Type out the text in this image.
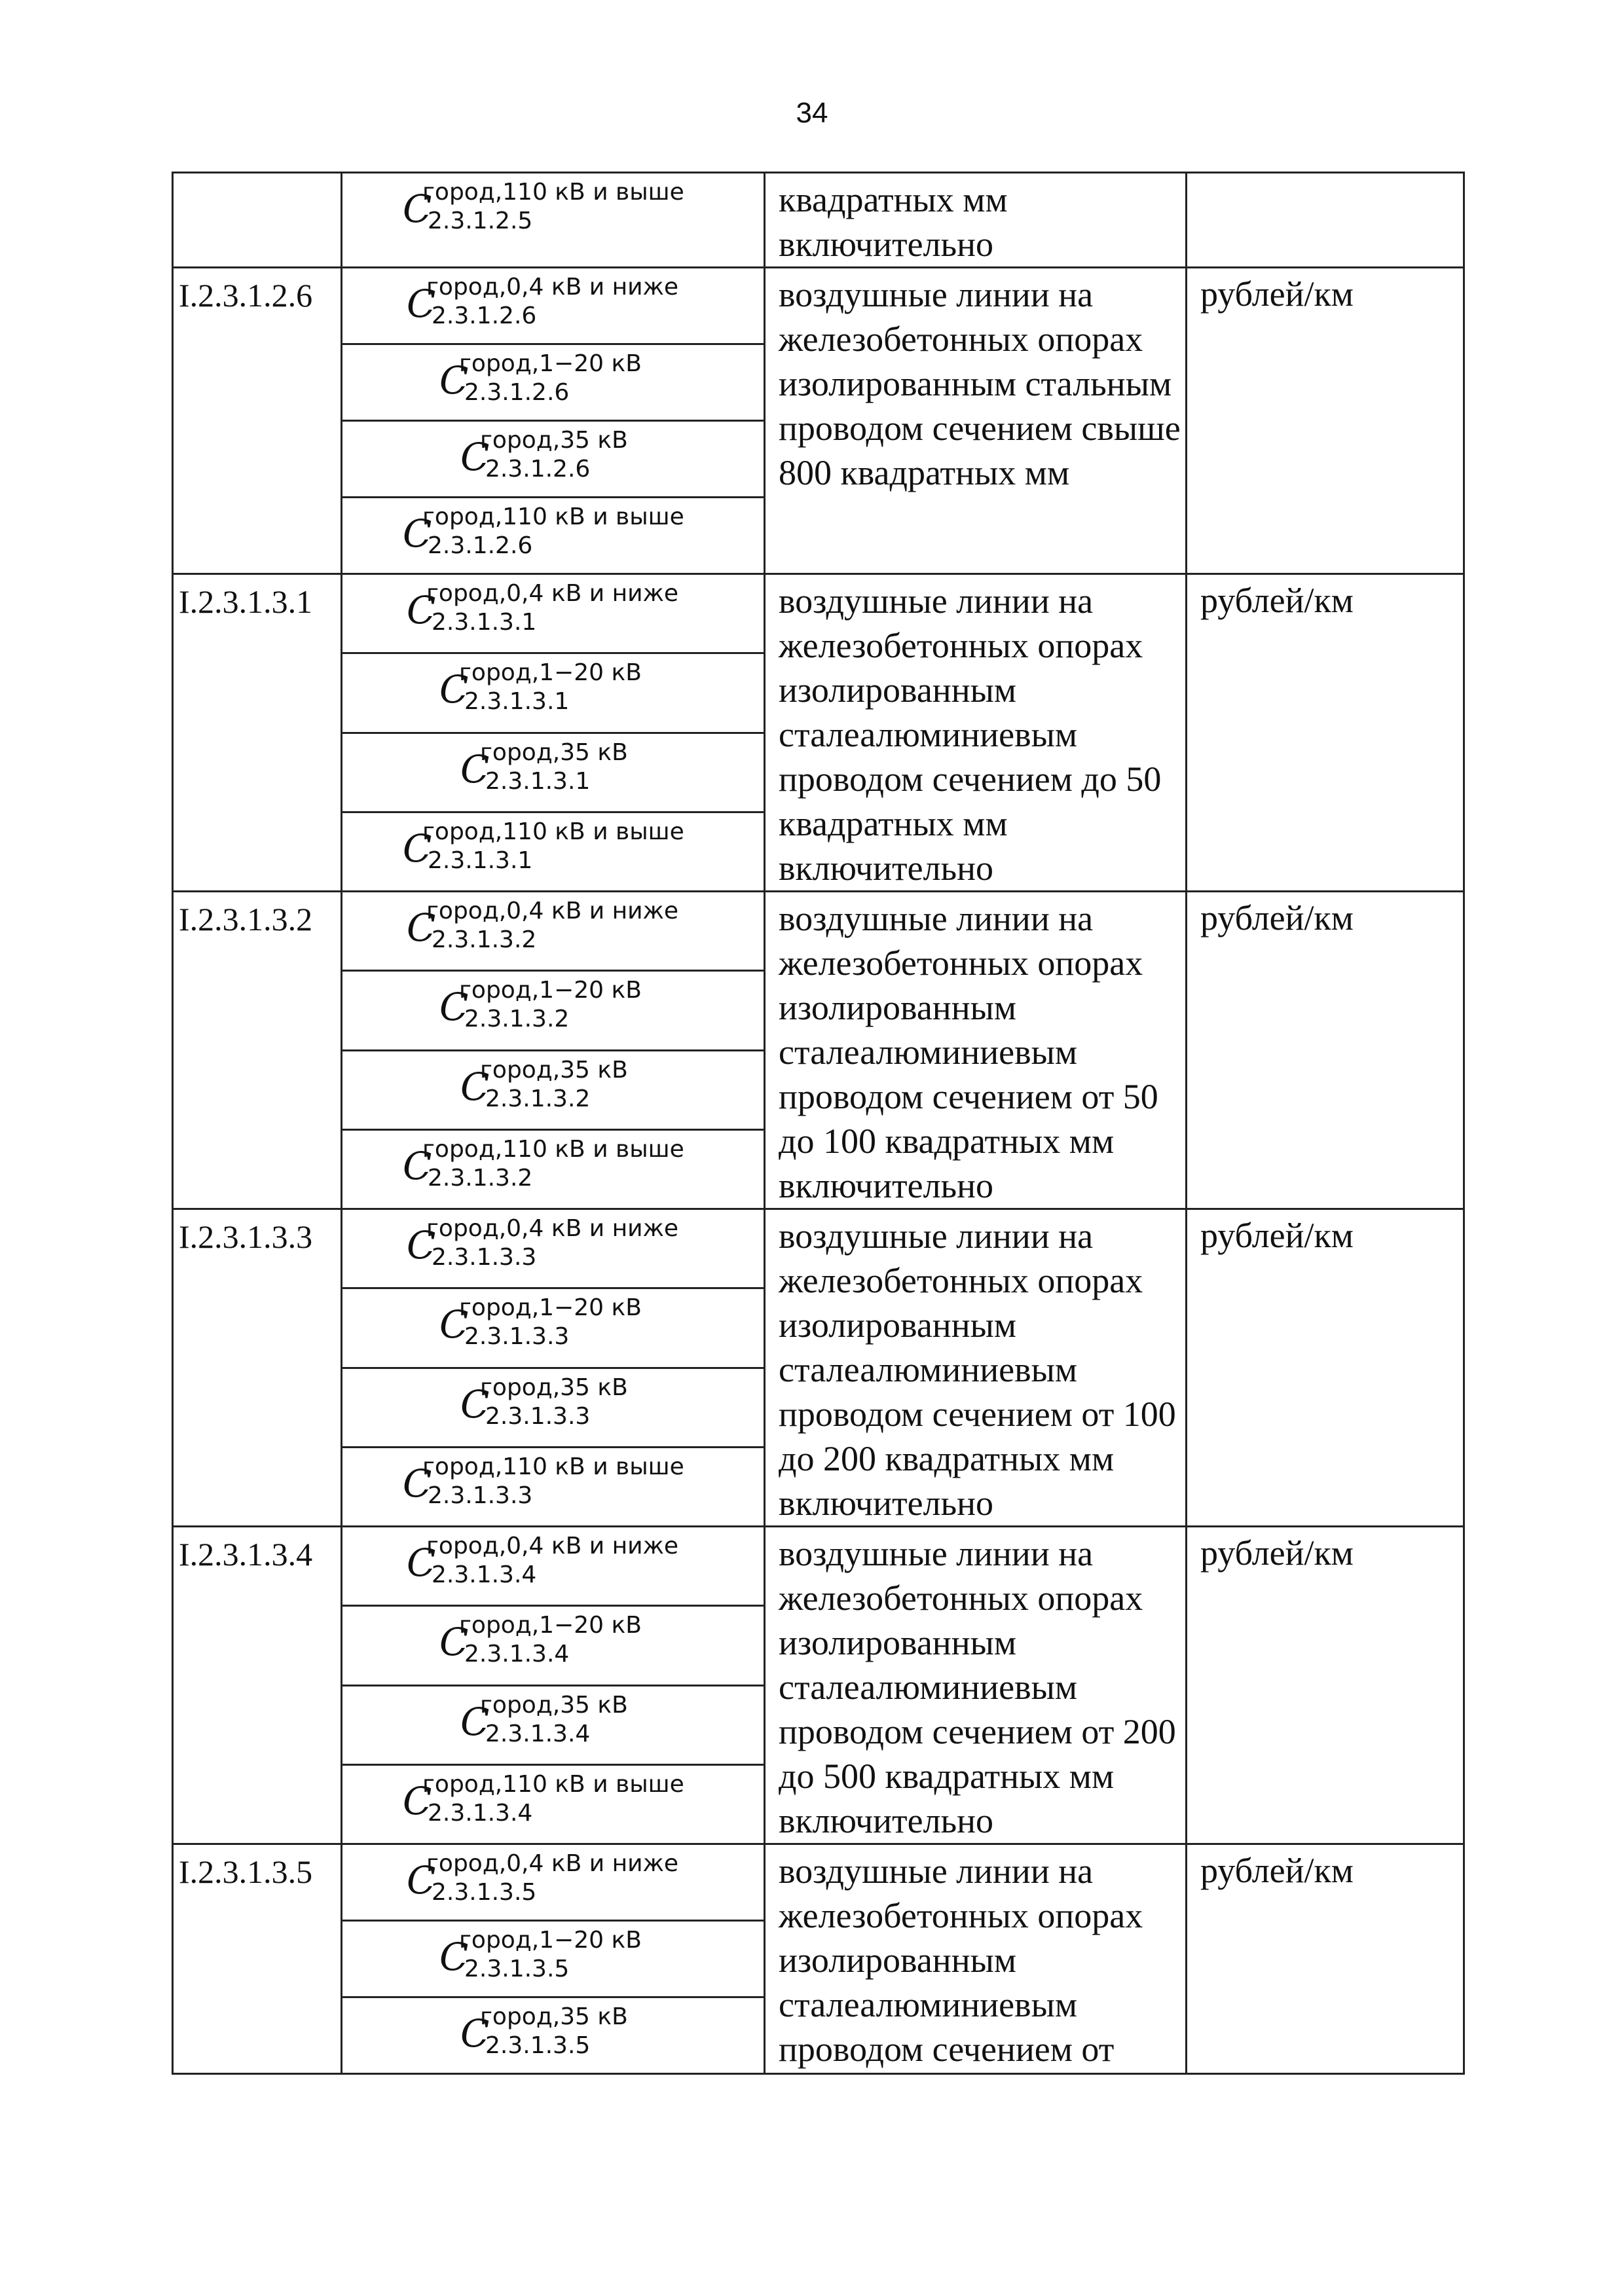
34

	C
город,110 кВ и выше
2.3.1.2.5	квадратных мм включительно	
I.2.3.1.2.6	C
город,0,4 кВ и ниже
2.3.1.2.6	воздушные линии на железобетонных опорах изолированным стальным проводом сечением свыше 800 квадратных мм	рублей/км

	C
город,1−20 кВ
2.3.1.2.6		

	C
город,35 кВ
2.3.1.2.6		

	C
город,110 кВ и выше
2.3.1.2.6		

I.2.3.1.3.1	C
город,0,4 кВ и ниже
2.3.1.3.1	воздушные линии на железобетонных опорах изолированным сталеалюминиевым проводом сечением до 50 квадратных мм включительно	рублей/км

	C
город,1−20 кВ
2.3.1.3.1		

	C
город,35 кВ
2.3.1.3.1		

	C
город,110 кВ и выше
2.3.1.3.1		

I.2.3.1.3.2	C
город,0,4 кВ и ниже
2.3.1.3.2	воздушные линии на железобетонных опорах изолированным сталеалюминиевым проводом сечением от 50 до 100 квадратных мм включительно	рублей/км

	C
город,1−20 кВ
2.3.1.3.2		

	C
город,35 кВ
2.3.1.3.2		

	C
город,110 кВ и выше
2.3.1.3.2		

I.2.3.1.3.3	C
город,0,4 кВ и ниже
2.3.1.3.3	воздушные линии на железобетонных опорах изолированным сталеалюминиевым проводом сечением от 100 до 200 квадратных мм включительно	рублей/км

	C
город,1−20 кВ
2.3.1.3.3		

	C
город,35 кВ
2.3.1.3.3		

	C
город,110 кВ и выше
2.3.1.3.3		

I.2.3.1.3.4	C
город,0,4 кВ и ниже
2.3.1.3.4	воздушные линии на железобетонных опорах изолированным сталеалюминиевым проводом сечением от 200 до 500 квадратных мм включительно	рублей/км

	C
город,1−20 кВ
2.3.1.3.4		

	C
город,35 кВ
2.3.1.3.4		

	C
город,110 кВ и выше
2.3.1.3.4		

I.2.3.1.3.5	C
город,0,4 кВ и ниже
2.3.1.3.5	воздушные линии на железобетонных опорах изолированным сталеалюминиевым проводом сечением от	рублей/км

	C
город,1−20 кВ
2.3.1.3.5		

	C
город,35 кВ
2.3.1.3.5		
